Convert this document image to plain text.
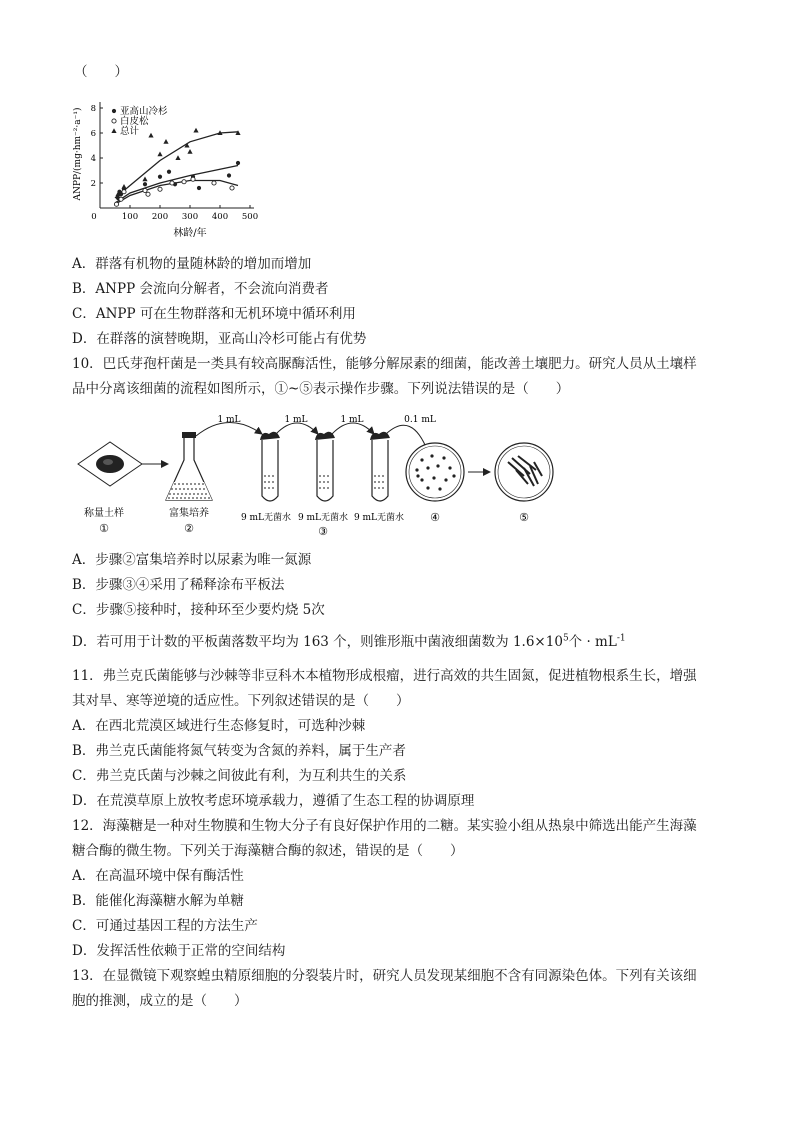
（　　）
0	100 200 300 400 500
2
4
6
8	亚高山冷杉
白皮松
总计
林龄/年
ANPP/(mg·hm⁻²·a⁻¹)
A．群落有机物的量随林龄的增加而增加
B．ANPP 会流向分解者，不会流向消费者
C．ANPP 可在生物群落和无机环境中循环利用
D．在群落的演替晚期，亚高山冷杉可能占有优势
10．巴氏芽孢杆菌是一类具有较高脲酶活性，能够分解尿素的细菌，能改善土壤肥力。研究人员从土壤样
品中分离该细菌的流程如图所示，①~⑤表示操作步骤。下列说法错误的是（　　）
称量土样
①
富集培养
②
1 mL	1 mL	1 mL	0.1 mL
9 mL无菌水 9 mL无菌水 9 mL无菌水
③
④	⑤
A．步骤②富集培养时以尿素为唯一氮源
B．步骤③④采用了稀释涂布平板法
C．步骤⑤接种时，接种环至少要灼烧 5次
D．若可用于计数的平板菌落数平均为 163 个，则锥形瓶中菌液细菌数为 $1.6\times 10^5$个 · $mL^{-1}$
11．弗兰克氏菌能够与沙棘等非豆科木本植物形成根瘤，进行高效的共生固氮，促进植物根系生长，增强
其对旱、寒等逆境的适应性。下列叙述错误的是（　　）
A．在西北荒漠区域进行生态修复时，可选种沙棘
B．弗兰克氏菌能将氮气转变为含氮的养料，属于生产者
C．弗兰克氏菌与沙棘之间彼此有利，为互利共生的关系
D．在荒漠草原上放牧考虑环境承载力，遵循了生态工程的协调原理
12．海藻糖是一种对生物膜和生物大分子有良好保护作用的二糖。某实验小组从热泉中筛选出能产生海藻
糖合酶的微生物。下列关于海藻糖合酶的叙述，错误的是（　　）
A．在高温环境中保有酶活性
B．能催化海藻糖水解为单糖
C．可通过基因工程的方法生产
D．发挥活性依赖于正常的空间结构
13．在显微镜下观察蝗虫精原细胞的分裂装片时，研究人员发现某细胞不含有同源染色体。下列有关该细
胞的推测，成立的是（　　）
